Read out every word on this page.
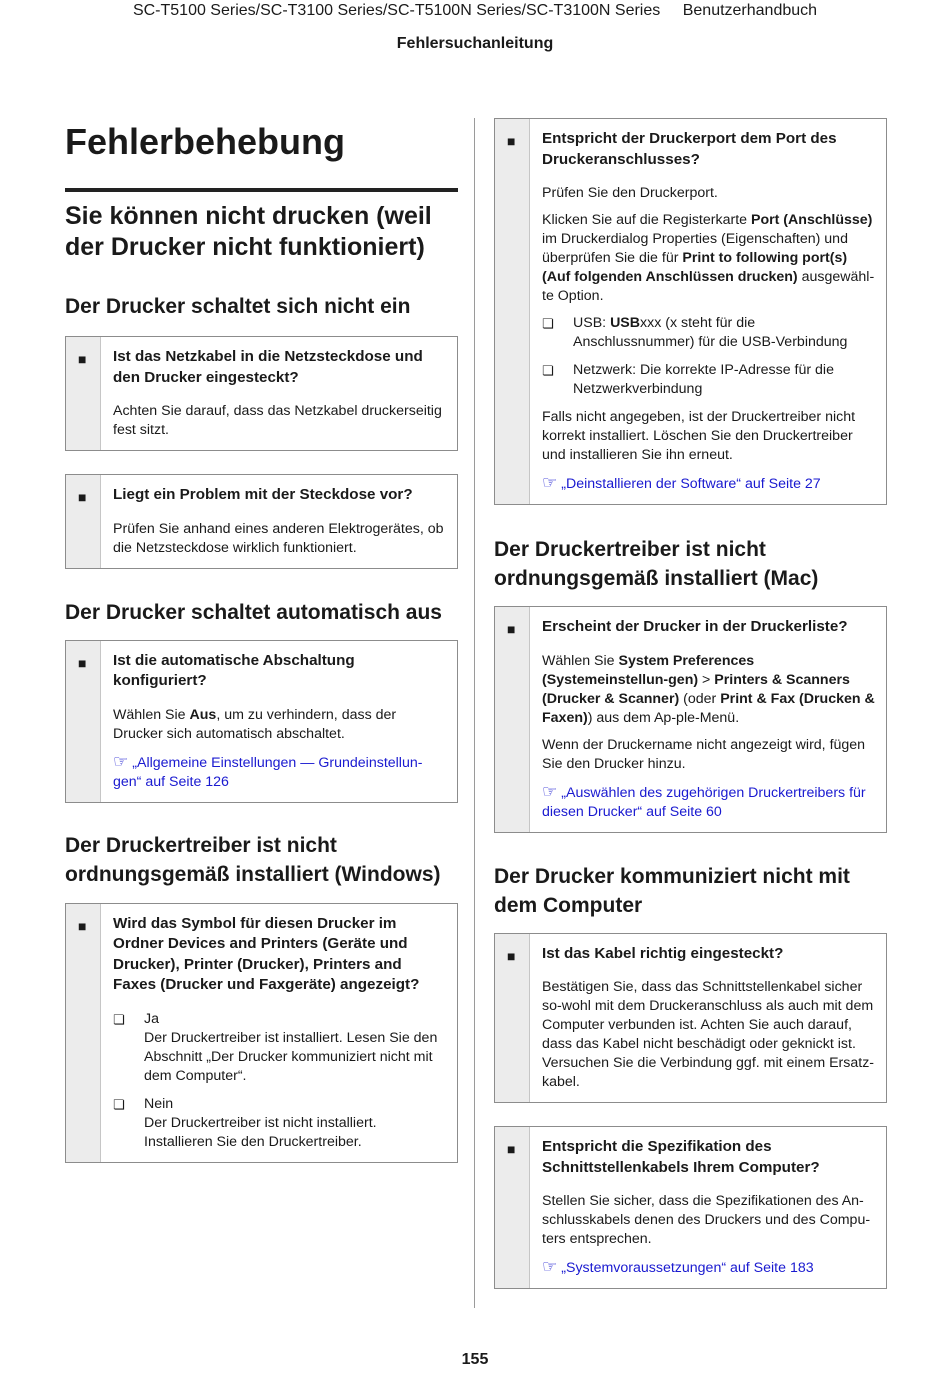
SC-T5100 Series/SC-T3100 Series/SC-T5100N Series/SC-T3100N Series Benutzerhandbuch
Fehlersuchanleitung
Fehlerbehebung
Sie können nicht drucken (weil der Drucker nicht funktioniert)
Der Drucker schaltet sich nicht ein
■ Ist das Netzkabel in die Netzsteckdose und den Drucker eingesteckt?

Achten Sie darauf, dass das Netzkabel druckerseitig fest sitzt.

■ Liegt ein Problem mit der Steckdose vor?

Prüfen Sie anhand eines anderen Elektrogerätes, ob die Netzsteckdose wirklich funktioniert.

Der Drucker schaltet automatisch aus
■ Ist die automatische Abschaltung konfiguriert?

Wählen Sie Aus, um zu verhindern, dass der Drucker sich automatisch abschaltet.

☞ „Allgemeine Einstellungen — Grundeinstellun-gen“ auf Seite 126

Der Druckertreiber ist nicht ordnungsgemäß installiert (Windows)
■ Wird das Symbol für diesen Drucker im Ordner Devices and Printers (Geräte und Drucker), Printer (Drucker), Printers and Faxes (Drucker und Faxgeräte) angezeigt?
❏ Ja
Der Druckertreiber ist installiert. Lesen Sie den Abschnitt „Der Drucker kommuniziert nicht mit dem Computer“.
❏ Nein
Der Druckertreiber ist nicht installiert. Installieren Sie den Druckertreiber.
■ Entspricht der Druckerport dem Port des Druckeranschlusses?

Prüfen Sie den Druckerport.

Klicken Sie auf die Registerkarte Port (Anschlüsse) im Druckerdialog Properties (Eigenschaften) und überprüfen Sie die für Print to following port(s) (Auf folgenden Anschlüssen drucken) ausgewähl-te Option.

❏ USB: USBxxx (x steht für die Anschlussnummer) für die USB-Verbindung
❏ Netzwerk: Die korrekte IP-Adresse für die Netzwerkverbindung

Falls nicht angegeben, ist der Druckertreiber nicht korrekt installiert. Löschen Sie den Druckertreiber und installieren Sie ihn erneut.

☞ „Deinstallieren der Software“ auf Seite 27

Der Druckertreiber ist nicht ordnungsgemäß installiert (Mac)
■ Erscheint der Drucker in der Druckerliste?

Wählen Sie System Preferences (Systemeinstellun-gen) > Printers & Scanners (Drucker & Scanner) (oder Print & Fax (Drucken & Faxen)) aus dem Ap-ple-Menü.

Wenn der Druckername nicht angezeigt wird, fügen Sie den Drucker hinzu.

☞ „Auswählen des zugehörigen Druckertreibers für diesen Drucker“ auf Seite 60

Der Drucker kommuniziert nicht mit dem Computer
■ Ist das Kabel richtig eingesteckt?

Bestätigen Sie, dass das Schnittstellenkabel sicher so-wohl mit dem Druckeranschluss als auch mit dem Computer verbunden ist. Achten Sie auch darauf, dass das Kabel nicht beschädigt oder geknickt ist. Versuchen Sie die Verbindung ggf. mit einem Ersatz-kabel.

■ Entspricht die Spezifikation des Schnittstellenkabels Ihrem Computer?

Stellen Sie sicher, dass die Spezifikationen des An-schlusskabels denen des Druckers und des Compu-ters entsprechen.

☞ „Systemvoraussetzungen“ auf Seite 183

155
